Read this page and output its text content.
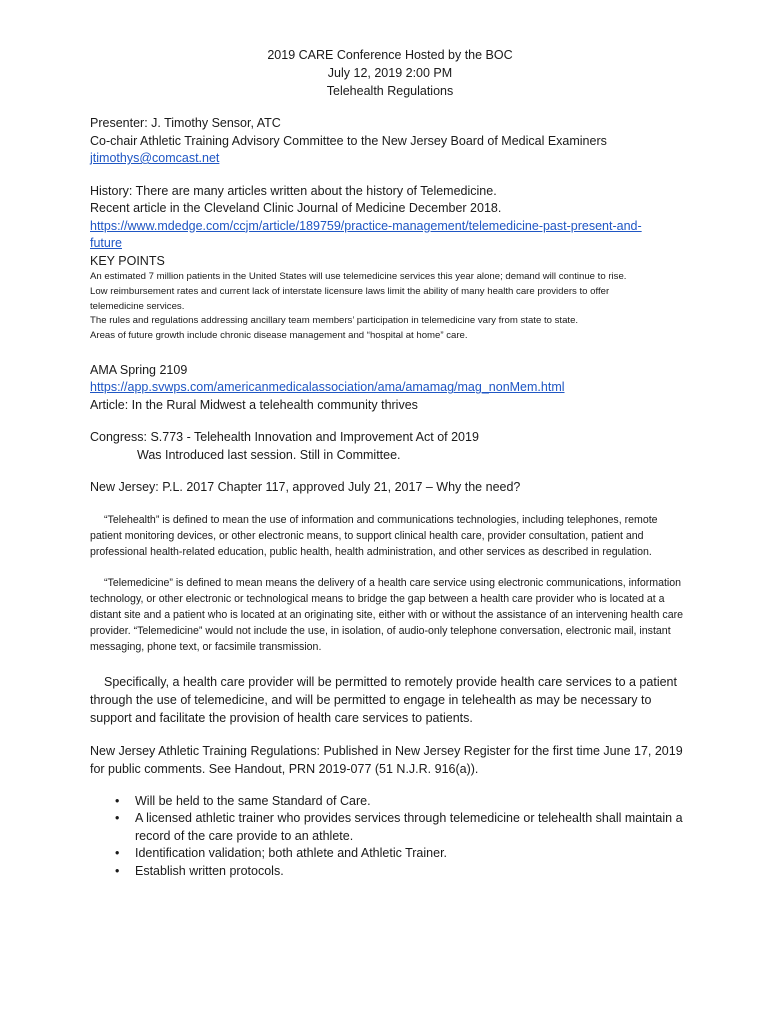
2019 CARE Conference Hosted by the BOC
July 12, 2019 2:00 PM
Telehealth Regulations
Presenter: J. Timothy Sensor, ATC
Co-chair Athletic Training Advisory Committee to the New Jersey Board of Medical Examiners
jtimothys@comcast.net
History: There are many articles written about the history of Telemedicine.
Recent article in the Cleveland Clinic Journal of Medicine December 2018.
https://www.mdedge.com/ccjm/article/189759/practice-management/telemedicine-past-present-and-
future
KEY POINTS
An estimated 7 million patients in the United States will use telemedicine services this year alone; demand will continue to rise.
Low reimbursement rates and current lack of interstate licensure laws limit the ability of many health care providers to offer
telemedicine services.
The rules and regulations addressing ancillary team members’ participation in telemedicine vary from state to state.
Areas of future growth include chronic disease management and “hospital at home” care.
AMA Spring 2109
https://app.svwps.com/americanmedicalassociation/ama/amamag/mag_nonMem.html
Article: In the Rural Midwest a telehealth community thrives
Congress: S.773 - Telehealth Innovation and Improvement Act of 2019
Was Introduced last session. Still in Committee.
New Jersey: P.L. 2017 Chapter 117, approved July 21, 2017 – Why the need?

“Telehealth” is defined to mean the use of information and communications technologies, including telephones, remote patient monitoring devices, or other electronic means, to support clinical health care, provider consultation, patient and professional health-related education, public health, health administration, and other services as described in regulation.

“Telemedicine” is defined to mean means the delivery of a health care service using electronic communications, information technology, or other electronic or technological means to bridge the gap between a health care provider who is located at a distant site and a patient who is located at an originating site, either with or without the assistance of an intervening health care provider. “Telemedicine” would not include the use, in isolation, of audio-only telephone conversation, electronic mail, instant messaging, phone text, or facsimile transmission.

Specifically, a health care provider will be permitted to remotely provide health care services to a patient through the use of telemedicine, and will be permitted to engage in telehealth as may be necessary to support and facilitate the provision of health care services to patients.

New Jersey Athletic Training Regulations: Published in New Jersey Register for the first time June 17, 2019 for public comments. See Handout, PRN 2019-077 (51 N.J.R. 916(a)).

• Will be held to the same Standard of Care.
• A licensed athletic trainer who provides services through telemedicine or telehealth shall maintain a record of the care provide to an athlete.
• Identification validation; both athlete and Athletic Trainer.
• Establish written protocols.
